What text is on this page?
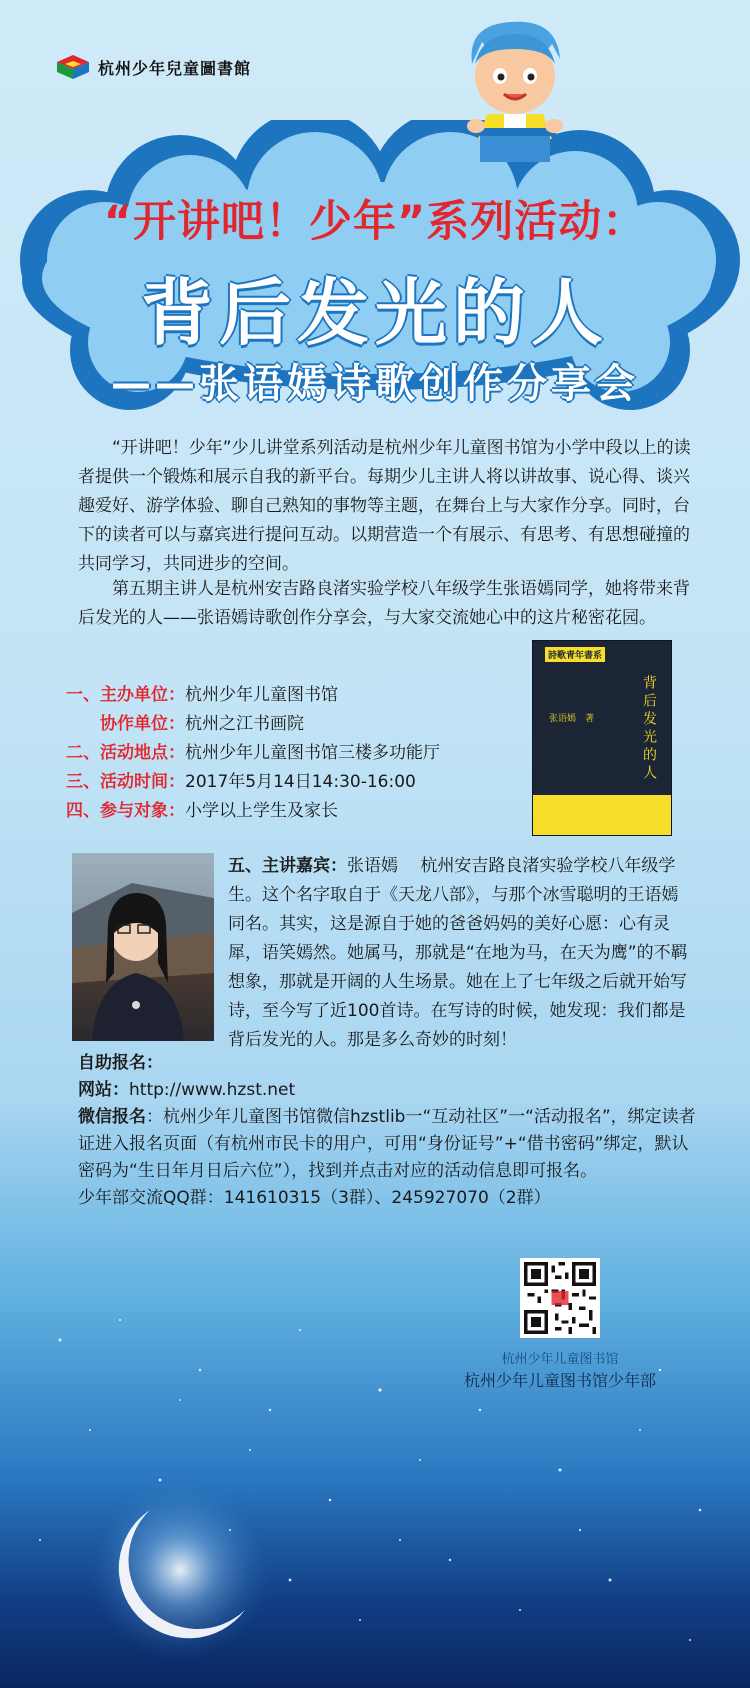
杭州少年兒童圖書館
“开讲吧！少年”系列活动：
背后发光的人
——张语嫣诗歌创作分享会

“开讲吧！少年”少儿讲堂系列活动是杭州少年儿童图书馆为小学中段以上的读者提供一个锻炼和展示自我的新平台。每期少儿主讲人将以讲故事、说心得、谈兴趣爱好、游学体验、聊自己熟知的事物等主题，在舞台上与大家作分享。同时，台下的读者可以与嘉宾进行提问互动。以期营造一个有展示、有思考、有思想碰撞的共同学习，共同进步的空间。

第五期主讲人是杭州安吉路良渚实验学校八年级学生张语嫣同学，她将带来背后发光的人——张语嫣诗歌创作分享会，与大家交流她心中的这片秘密花园。

一、主办单位： 杭州少年儿童图书馆
协作单位： 杭州之江书画院
二、活动地点： 杭州少年儿童图书馆三楼多功能厅
三、活动时间： 2017年5月14日14:30-16:00
四、参与对象： 小学以上学生及家长
詩歌青年書系
背后发光的人
张语嫣　著

五、主讲嘉宾：张语嫣　 杭州安吉路良渚实验学校八年级学生。这个名字取自于《天龙八部》，与那个冰雪聪明的王语嫣同名。其实，这是源自于她的爸爸妈妈的美好心愿：心有灵犀，语笑嫣然。她属马，那就是“在地为马，在天为鹰”的不羁想象，那就是开阔的人生场景。她在上了七年级之后就开始写诗，至今写了近100首诗。在写诗的时候，她发现：我们都是背后发光的人。那是多么奇妙的时刻！

自助报名：
网站：http://www.hzst.net
微信报名：杭州少年儿童图书馆微信hzstlib一“互动社区”一“活动报名”，绑定读者证进入报名页面（有杭州市民卡的用户，可用“身份证号”+“借书密码”绑定，默认密码为“生日年月日后六位”），找到并点击对应的活动信息即可报名。
少年部交流QQ群：141610315（3群）、245927070（2群）
杭州少年儿童图书馆
杭州少年儿童图书馆少年部
